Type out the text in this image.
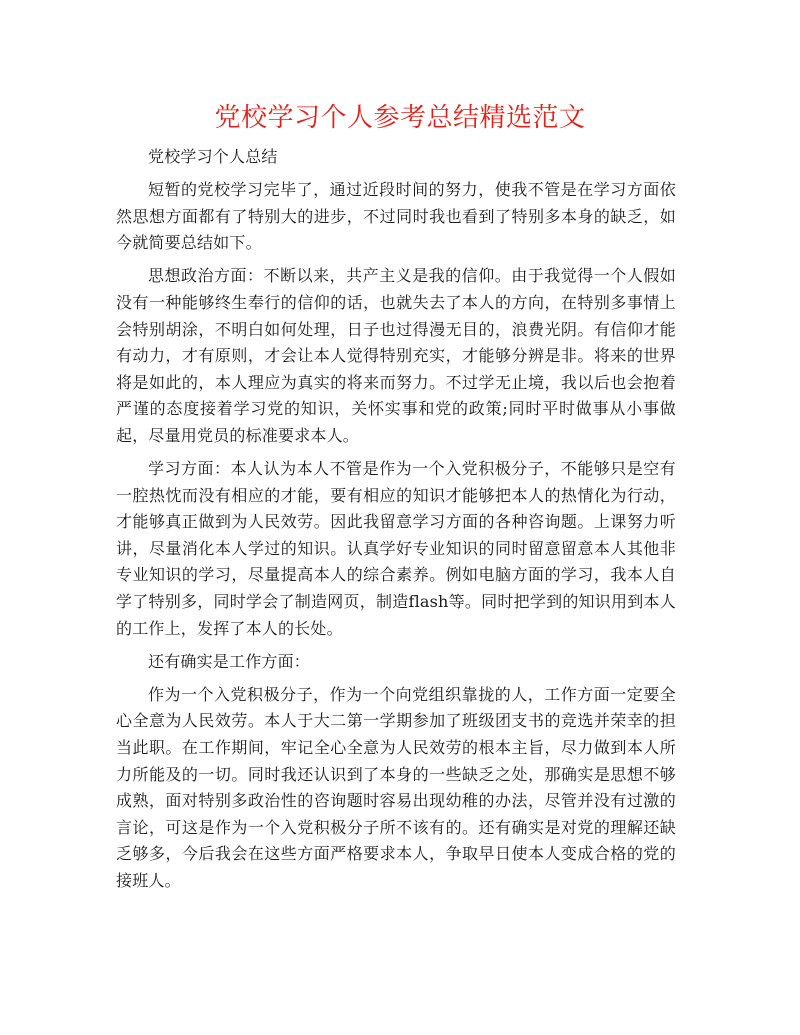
党校学习个人参考总结精选范文

党校学习个人总结

短暂的党校学习完毕了，通过近段时间的努力，使我不管是在学习方面依然思想方面都有了特别大的进步，不过同时我也看到了特别多本身的缺乏，如今就简要总结如下。

思想政治方面：不断以来，共产主义是我的信仰。由于我觉得一个人假如没有一种能够终生奉行的信仰的话，也就失去了本人的方向，在特别多事情上会特别胡涂，不明白如何处理，日子也过得漫无目的，浪费光阴。有信仰才能有动力，才有原则，才会让本人觉得特别充实，才能够分辨是非。将来的世界将是如此的，本人理应为真实的将来而努力。不过学无止境，我以后也会抱着严谨的态度接着学习党的知识，关怀实事和党的政策;同时平时做事从小事做起，尽量用党员的标准要求本人。

学习方面：本人认为本人不管是作为一个入党积极分子，不能够只是空有一腔热忱而没有相应的才能，要有相应的知识才能够把本人的热情化为行动，才能够真正做到为人民效劳。因此我留意学习方面的各种咨询题。上课努力听讲，尽量消化本人学过的知识。认真学好专业知识的同时留意留意本人其他非专业知识的学习，尽量提高本人的综合素养。例如电脑方面的学习，我本人自学了特别多，同时学会了制造网页，制造flash等。同时把学到的知识用到本人的工作上，发挥了本人的长处。

还有确实是工作方面：

作为一个入党积极分子，作为一个向党组织靠拢的人，工作方面一定要全心全意为人民效劳。本人于大二第一学期参加了班级团支书的竞选并荣幸的担当此职。在工作期间，牢记全心全意为人民效劳的根本主旨，尽力做到本人所力所能及的一切。同时我还认识到了本身的一些缺乏之处，那确实是思想不够成熟，面对特别多政治性的咨询题时容易出现幼稚的办法，尽管并没有过激的言论，可这是作为一个入党积极分子所不该有的。还有确实是对党的理解还缺乏够多，今后我会在这些方面严格要求本人，争取早日使本人变成合格的党的接班人。
